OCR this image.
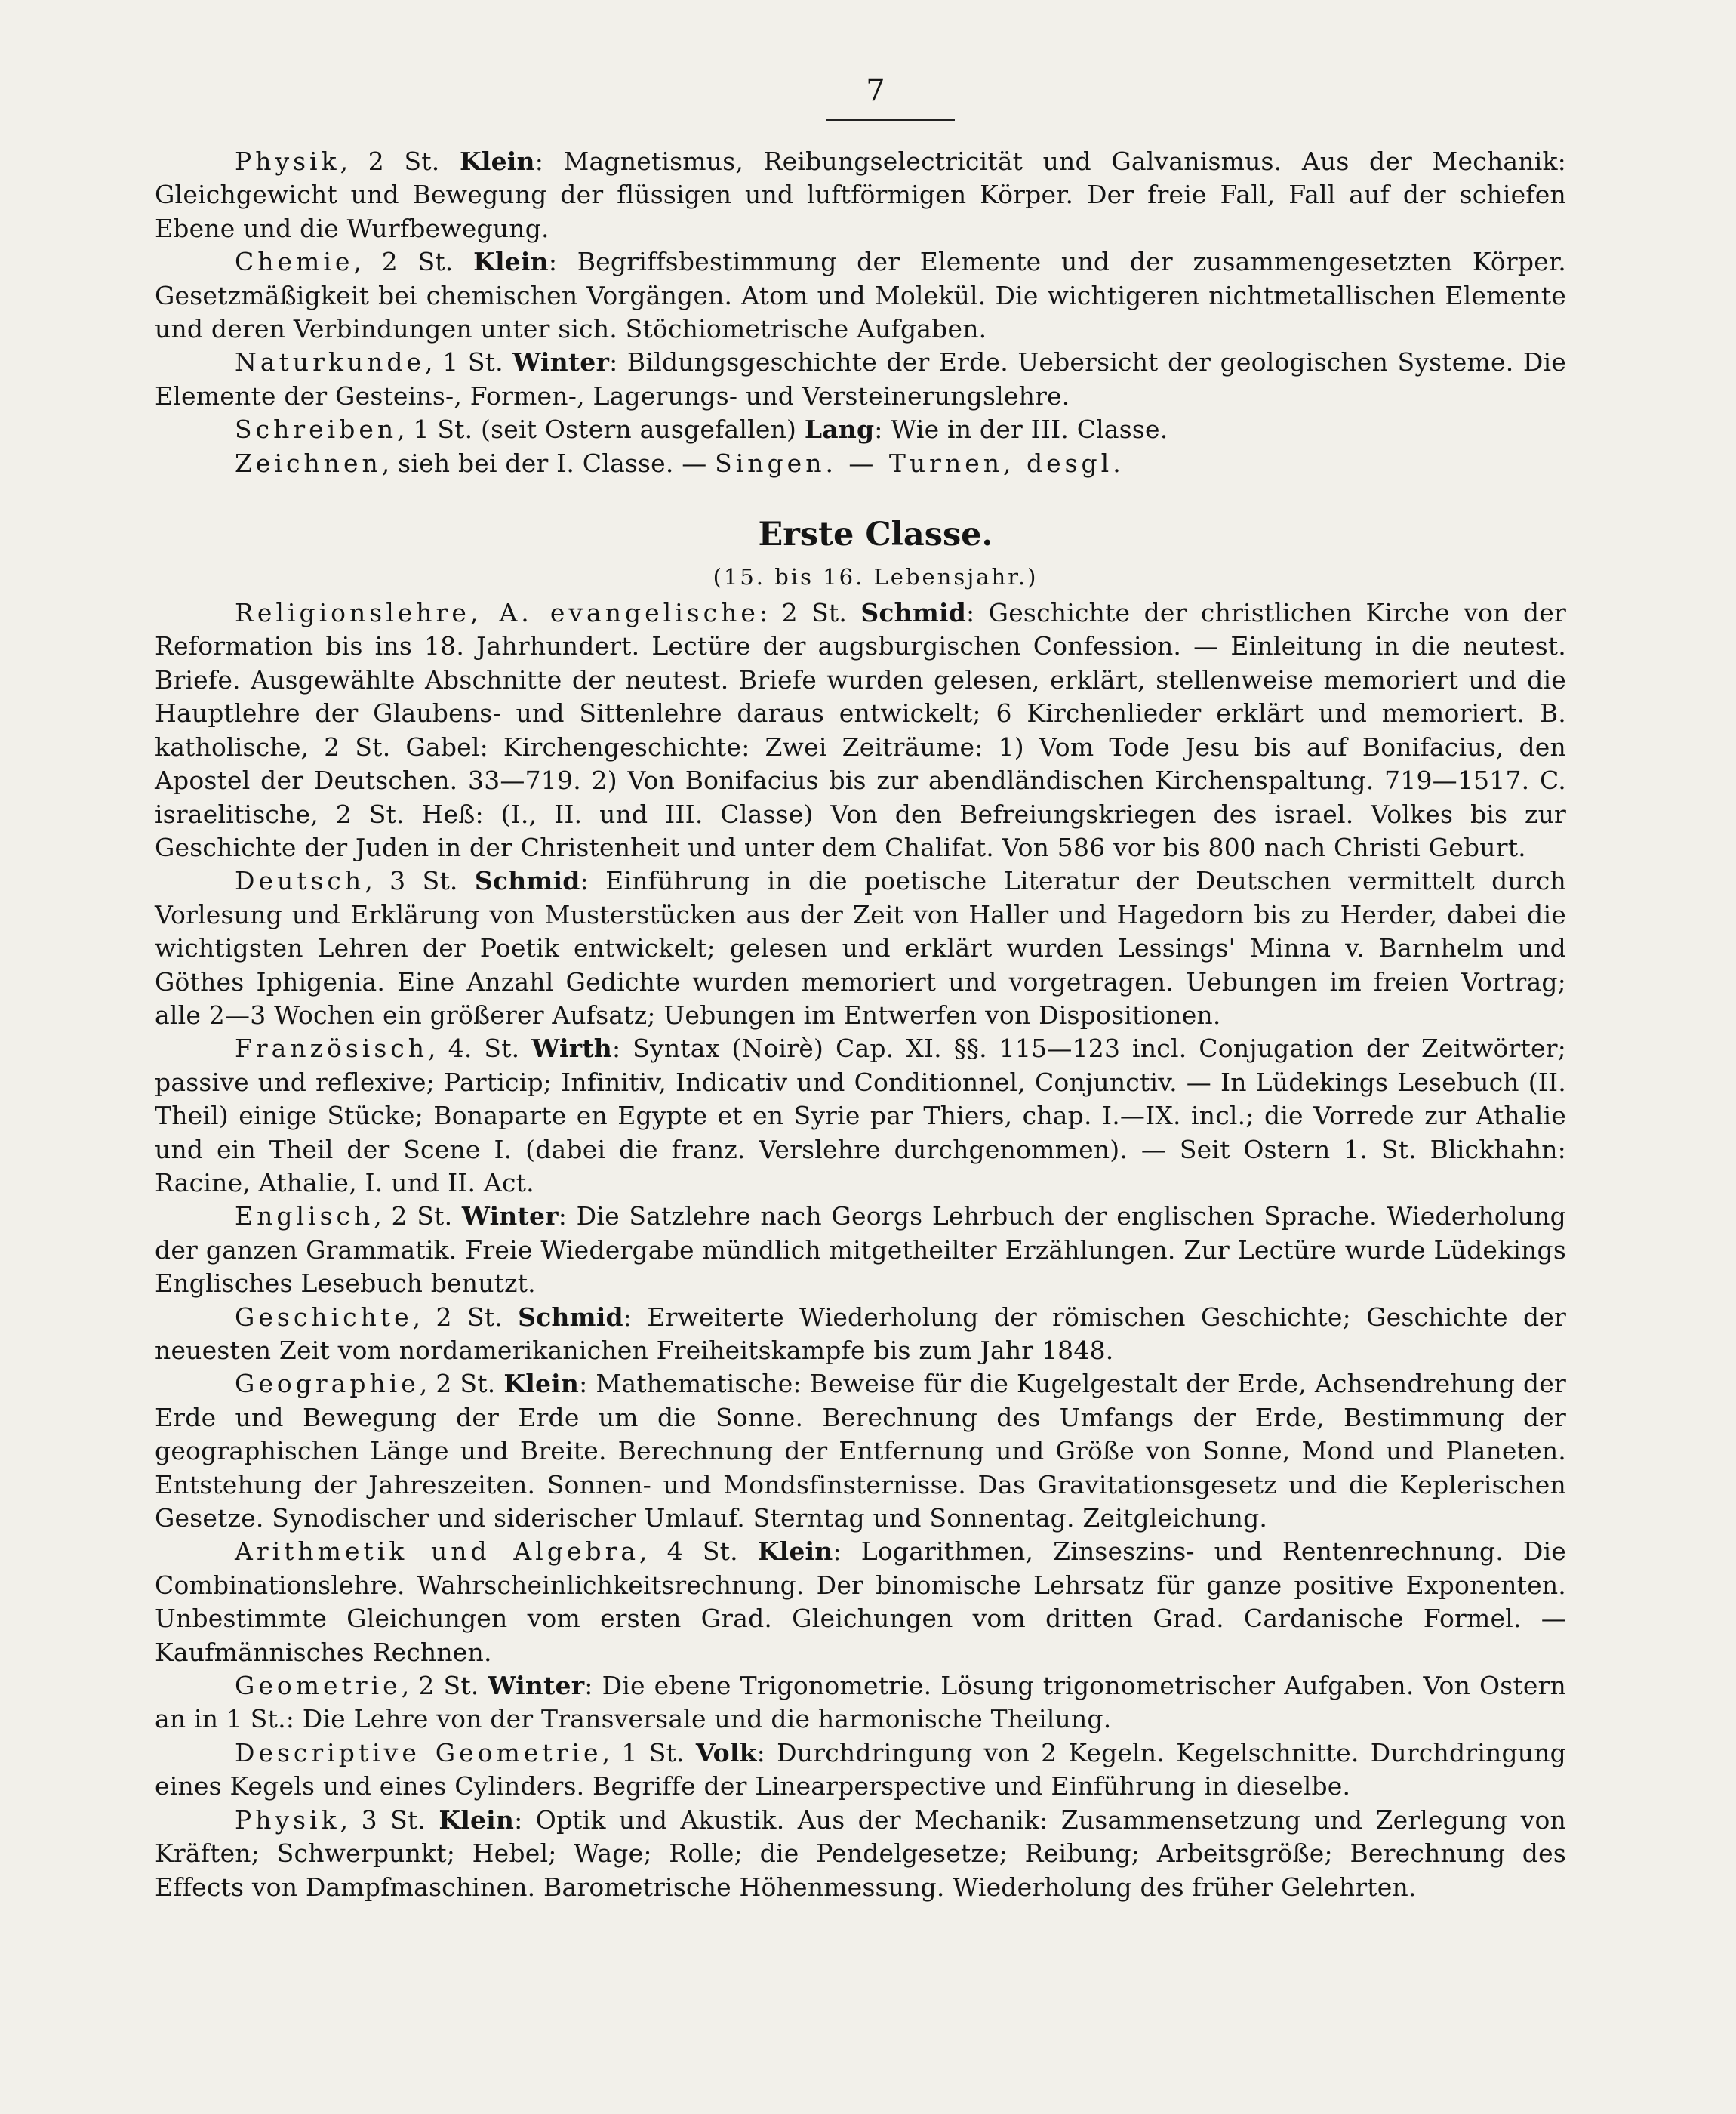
7

Physik, 2 St. Klein: Magnetismus, Reibungselectricität und Galvanismus. Aus der Mechanik: Gleichgewicht und Bewegung der flüssigen und luftförmigen Körper. Der freie Fall, Fall auf der schiefen Ebene und die Wurfbewegung.

Chemie, 2 St. Klein: Begriffsbestimmung der Elemente und der zusammengesetzten Körper. Gesetzmäßigkeit bei chemischen Vorgängen. Atom und Molekül. Die wichtigeren nichtmetallischen Elemente und deren Verbindungen unter sich. Stöchiometrische Aufgaben.

Naturkunde, 1 St. Winter: Bildungsgeschichte der Erde. Uebersicht der geologischen Systeme. Die Elemente der Gesteins-, Formen-, Lagerungs- und Versteinerungslehre.

Schreiben, 1 St. (seit Ostern ausgefallen) Lang: Wie in der III. Classe.

Zeichnen, sieh bei der I. Classe. — Singen. — Turnen, desgl.

Erste Classe.
(15. bis 16. Lebensjahr.)

Religionslehre, A. evangelische: 2 St. Schmid: Geschichte der christlichen Kirche von der Reformation bis ins 18. Jahrhundert. Lectüre der augsburgischen Confession. — Einleitung in die neutest. Briefe. Ausgewählte Abschnitte der neutest. Briefe wurden gelesen, erklärt, stellenweise memoriert und die Hauptlehre der Glaubens- und Sittenlehre daraus entwickelt; 6 Kirchenlieder erklärt und memoriert. B. katholische, 2 St. Gabel: Kirchengeschichte: Zwei Zeiträume: 1) Vom Tode Jesu bis auf Bonifacius, den Apostel der Deutschen. 33—719. 2) Von Bonifacius bis zur abendländischen Kirchenspaltung. 719—1517. C. israelitische, 2 St. Heß: (I., II. und III. Classe) Von den Befreiungskriegen des israel. Volkes bis zur Geschichte der Juden in der Christenheit und unter dem Chalifat. Von 586 vor bis 800 nach Christi Geburt.

Deutsch, 3 St. Schmid: Einführung in die poetische Literatur der Deutschen vermittelt durch Vorlesung und Erklärung von Musterstücken aus der Zeit von Haller und Hagedorn bis zu Herder, dabei die wichtigsten Lehren der Poetik entwickelt; gelesen und erklärt wurden Lessings' Minna v. Barnhelm und Göthes Iphigenia. Eine Anzahl Gedichte wurden memoriert und vorgetragen. Uebungen im freien Vortrag; alle 2—3 Wochen ein größerer Aufsatz; Uebungen im Entwerfen von Dispositionen.

Französisch, 4. St. Wirth: Syntax (Noirè) Cap. XI. §§. 115—123 incl. Conjugation der Zeitwörter; passive und reflexive; Particip; Infinitiv, Indicativ und Conditionnel, Conjunctiv. — In Lüdekings Lesebuch (II. Theil) einige Stücke; Bonaparte en Egypte et en Syrie par Thiers, chap. I.—IX. incl.; die Vorrede zur Athalie und ein Theil der Scene I. (dabei die franz. Verslehre durchgenommen). — Seit Ostern 1. St. Blickhahn: Racine, Athalie, I. und II. Act.

Englisch, 2 St. Winter: Die Satzlehre nach Georgs Lehrbuch der englischen Sprache. Wiederholung der ganzen Grammatik. Freie Wiedergabe mündlich mitgetheilter Erzählungen. Zur Lectüre wurde Lüdekings Englisches Lesebuch benutzt.

Geschichte, 2 St. Schmid: Erweiterte Wiederholung der römischen Geschichte; Geschichte der neuesten Zeit vom nordamerikanichen Freiheitskampfe bis zum Jahr 1848.

Geographie, 2 St. Klein: Mathematische: Beweise für die Kugelgestalt der Erde, Achsendrehung der Erde und Bewegung der Erde um die Sonne. Berechnung des Umfangs der Erde, Bestimmung der geographischen Länge und Breite. Berechnung der Entfernung und Größe von Sonne, Mond und Planeten. Entstehung der Jahreszeiten. Sonnen- und Mondsfinsternisse. Das Gravitationsgesetz und die Keplerischen Gesetze. Synodischer und siderischer Umlauf. Sterntag und Sonnentag. Zeitgleichung.

Arithmetik und Algebra, 4 St. Klein: Logarithmen, Zinseszins- und Rentenrechnung. Die Combinationslehre. Wahrscheinlichkeitsrechnung. Der binomische Lehrsatz für ganze positive Exponenten. Unbestimmte Gleichungen vom ersten Grad. Gleichungen vom dritten Grad. Cardanische Formel. — Kaufmännisches Rechnen.

Geometrie, 2 St. Winter: Die ebene Trigonometrie. Lösung trigonometrischer Aufgaben. Von Ostern an in 1 St.: Die Lehre von der Transversale und die harmonische Theilung.

Descriptive Geometrie, 1 St. Volk: Durchdringung von 2 Kegeln. Kegelschnitte. Durchdringung eines Kegels und eines Cylinders. Begriffe der Linearperspective und Einführung in dieselbe.

Physik, 3 St. Klein: Optik und Akustik. Aus der Mechanik: Zusammensetzung und Zerlegung von Kräften; Schwerpunkt; Hebel; Wage; Rolle; die Pendelgesetze; Reibung; Arbeitsgröße; Berechnung des Effects von Dampfmaschinen. Barometrische Höhenmessung. Wiederholung des früher Gelehrten.
